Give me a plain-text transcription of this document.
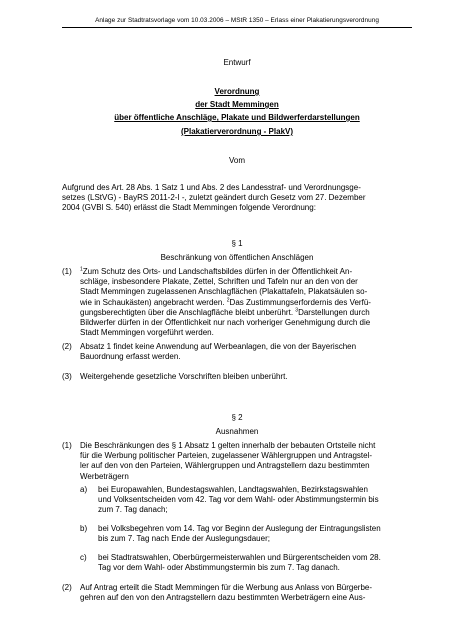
Anlage zur Stadtratsvorlage vom 10.03.2006 – MStR 1350 – Erlass einer Plakatierungsverordnung
Entwurf
Verordnung
der Stadt Memmingen
über öffentliche Anschläge, Plakate und Bildwerferdarstellungen
(Plakatierverordnung - PlakV)
Vom
Aufgrund des Art. 28 Abs. 1 Satz 1 und Abs. 2 des Landesstraf- und Verordnungsge-
setzes (LStVG) - BayRS 2011-2-I -, zuletzt geändert durch Gesetz vom 27. Dezember
2004 (GVBl S. 540) erlässt die Stadt Memmingen folgende Verordnung:
§ 1
Beschränkung von öffentlichen Anschlägen
(1) $^1$Zum Schutz des Orts- und Landschaftsbildes dürfen in der Öffentlichkeit An-
schläge, insbesondere Plakate, Zettel, Schriften und Tafeln nur an den von der
Stadt Memmingen zugelassenen Anschlagflächen (Plakattafeln, Plakatsäulen so-
wie in Schaukästen) angebracht werden. $^2$Das Zustimmungserfordernis des Verfü-
gungsberechtigten über die Anschlagfläche bleibt unberührt. $^3$Darstellungen durch
Bildwerfer dürfen in der Öffentlichkeit nur nach vorheriger Genehmigung durch die
Stadt Memmingen vorgeführt werden.
(2) Absatz 1 findet keine Anwendung auf Werbeanlagen, die von der Bayerischen
Bauordnung erfasst werden.
(3) Weitergehende gesetzliche Vorschriften bleiben unberührt.
§ 2
Ausnahmen
(1) Die Beschränkungen des § 1 Absatz 1 gelten innerhalb der bebauten Ortsteile nicht
für die Werbung politischer Parteien, zugelassener Wählergruppen und Antragstel-
ler auf den von den Parteien, Wählergruppen und Antragstellern dazu bestimmten
Werbeträgern
a) bei Europawahlen, Bundestagswahlen, Landtagswahlen, Bezirkstagswahlen
und Volksentscheiden vom 42. Tag vor dem Wahl- oder Abstimmungstermin bis
zum 7. Tag danach;
b) bei Volksbegehren vom 14. Tag vor Beginn der Auslegung der Eintragungslisten
bis zum 7. Tag nach Ende der Auslegungsdauer;
c) bei Stadtratswahlen, Oberbürgermeisterwahlen und Bürgerentscheiden vom 28.
Tag vor dem Wahl- oder Abstimmungstermin bis zum 7. Tag danach.
(2) Auf Antrag erteilt die Stadt Memmingen für die Werbung aus Anlass von Bürgerbe-
gehren auf den von den Antragstellern dazu bestimmten Werbeträgern eine Aus-
